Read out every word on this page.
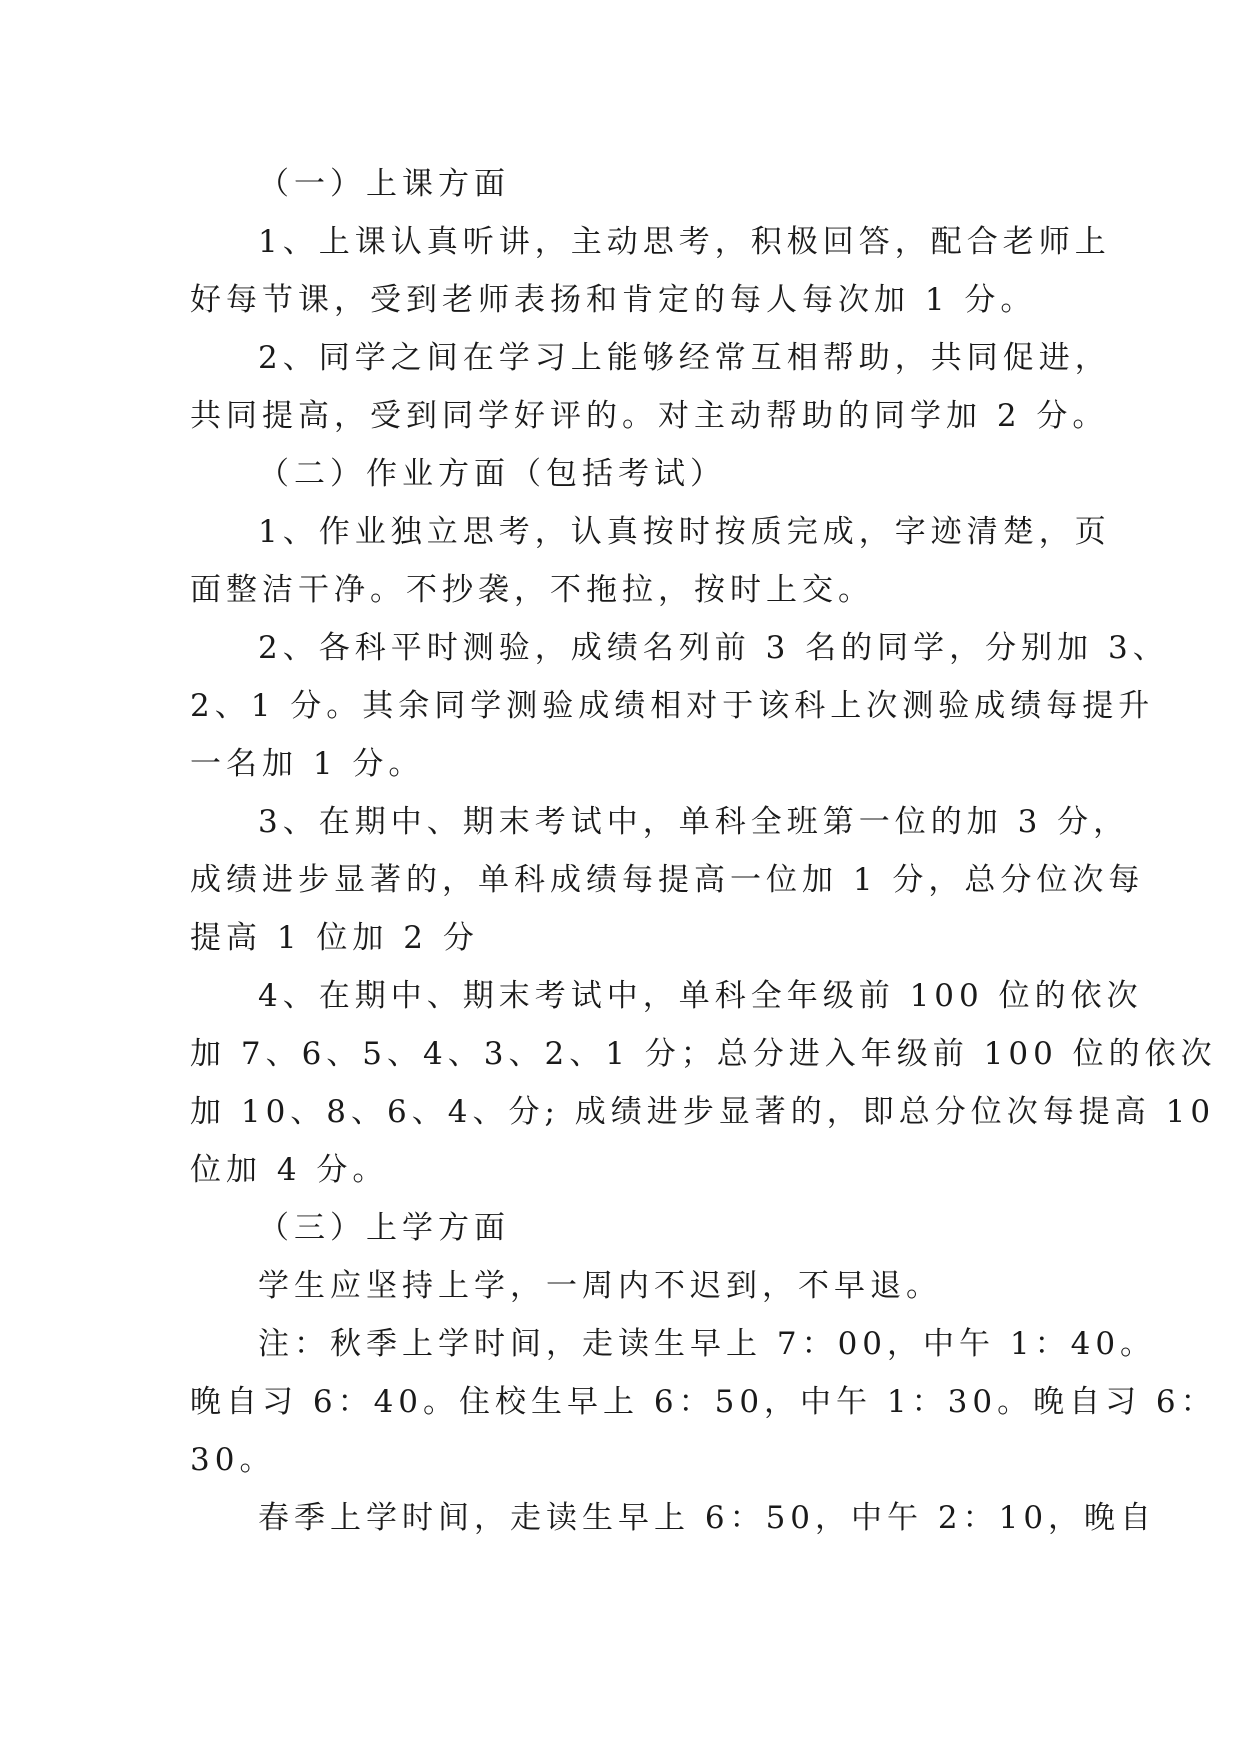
（一）上课方面

1、上课认真听讲，主动思考，积极回答，配合老师上

好每节课，受到老师表扬和肯定的每人每次加 1 分。

2、同学之间在学习上能够经常互相帮助，共同促进，

共同提高，受到同学好评的。对主动帮助的同学加 2 分。

（二）作业方面（包括考试）

1、作业独立思考，认真按时按质完成，字迹清楚，页

面整洁干净。不抄袭，不拖拉，按时上交。

2、各科平时测验，成绩名列前 3 名的同学，分别加 3、

2、1 分。其余同学测验成绩相对于该科上次测验成绩每提升

一名加 1 分。

3、在期中、期末考试中，单科全班第一位的加 3 分，

成绩进步显著的，单科成绩每提高一位加 1 分，总分位次每

提高 1 位加 2 分

4、在期中、期末考试中，单科全年级前 100 位的依次

加 7、6、5、4、3、2、1 分；总分进入年级前 100 位的依次

加 10、8、6、4、分; 成绩进步显著的，即总分位次每提高 10

位加 4 分。

（三）上学方面

学生应坚持上学，一周内不迟到，不早退。

注：秋季上学时间，走读生早上 7：00，中午 1：40。

晚自习 6：40。住校生早上 6：50，中午 1：30。晚自习 6：

30。

春季上学时间，走读生早上 6：50，中午 2：10，晚自
